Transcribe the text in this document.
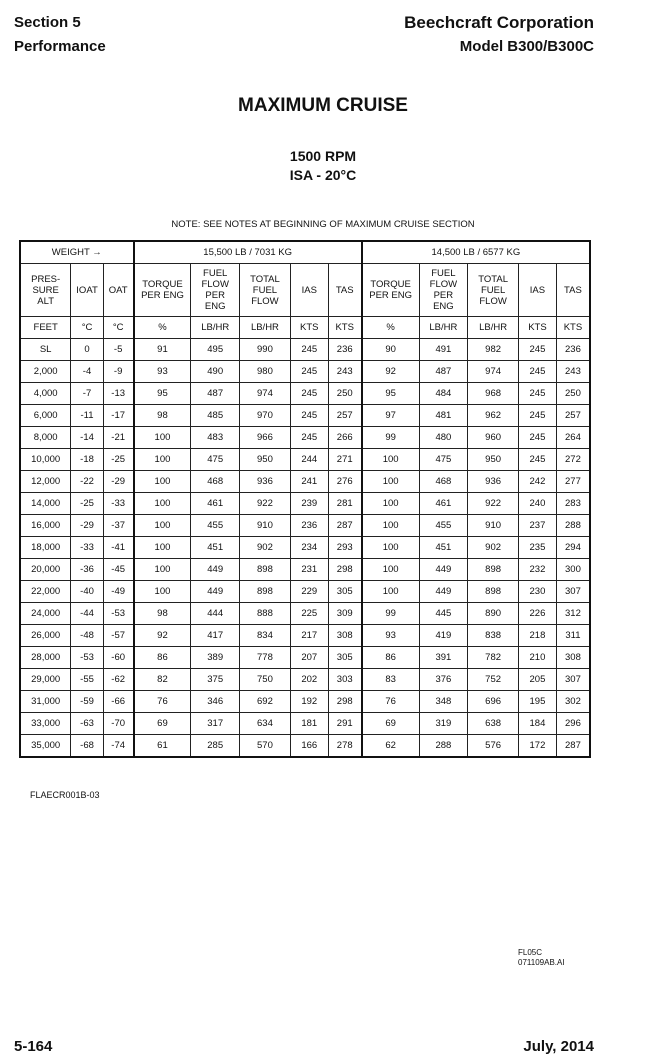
Section 5
Performance
Beechcraft Corporation
Model B300/B300C
MAXIMUM CRUISE
1500 RPM
ISA - 20°C
NOTE: SEE NOTES AT BEGINNING OF MAXIMUM CRUISE SECTION
WEIGHT →			15,500 LB / 7031 KG					14,500 LB / 6577 KG				
PRES-
SURE
ALT	IOAT	OAT	TORQUE
PER ENG	FUEL
FLOW
PER
ENG	TOTAL
FUEL
FLOW	IAS	TAS	TORQUE
PER ENG	FUEL
FLOW
PER
ENG	TOTAL
FUEL
FLOW	IAS	TAS
FEET	°C	°C	%	LB/HR	LB/HR	KTS	KTS	%	LB/HR	LB/HR	KTS	KTS
SL	0	-5	91	495	990	245	236	90	491	982	245	236
2,000	-4	-9	93	490	980	245	243	92	487	974	245	243
4,000	-7	-13	95	487	974	245	250	95	484	968	245	250
6,000	-11	-17	98	485	970	245	257	97	481	962	245	257
8,000	-14	-21	100	483	966	245	266	99	480	960	245	264
10,000	-18	-25	100	475	950	244	271	100	475	950	245	272
12,000	-22	-29	100	468	936	241	276	100	468	936	242	277
14,000	-25	-33	100	461	922	239	281	100	461	922	240	283
16,000	-29	-37	100	455	910	236	287	100	455	910	237	288
18,000	-33	-41	100	451	902	234	293	100	451	902	235	294
20,000	-36	-45	100	449	898	231	298	100	449	898	232	300
22,000	-40	-49	100	449	898	229	305	100	449	898	230	307
24,000	-44	-53	98	444	888	225	309	99	445	890	226	312
26,000	-48	-57	92	417	834	217	308	93	419	838	218	311
28,000	-53	-60	86	389	778	207	305	86	391	782	210	308
29,000	-55	-62	82	375	750	202	303	83	376	752	205	307
31,000	-59	-66	76	346	692	192	298	76	348	696	195	302
33,000	-63	-70	69	317	634	181	291	69	319	638	184	296
35,000	-68	-74	61	285	570	166	278	62	288	576	172	287
FLAECR001B-03
FL05C
071109AB.AI
5-164	July, 2014
